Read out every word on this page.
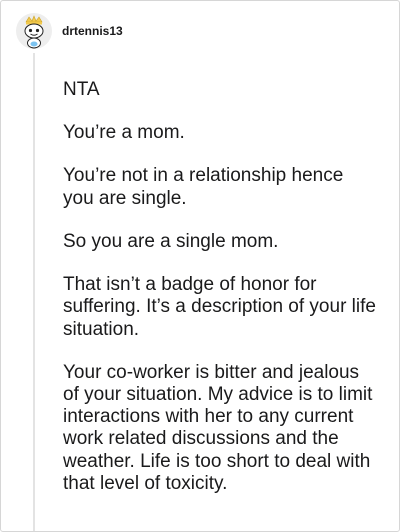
drtennis13

NTA

You’re a mom.

You’re not in a relationship hence you are single.

So you are a single mom.

That isn’t a badge of honor for suffering. It’s a description of your life situation.

Your co-worker is bitter and jealous of your situation. My advice is to limit interactions with her to any current work related discussions and the weather. Life is too short to deal with that level of toxicity.
